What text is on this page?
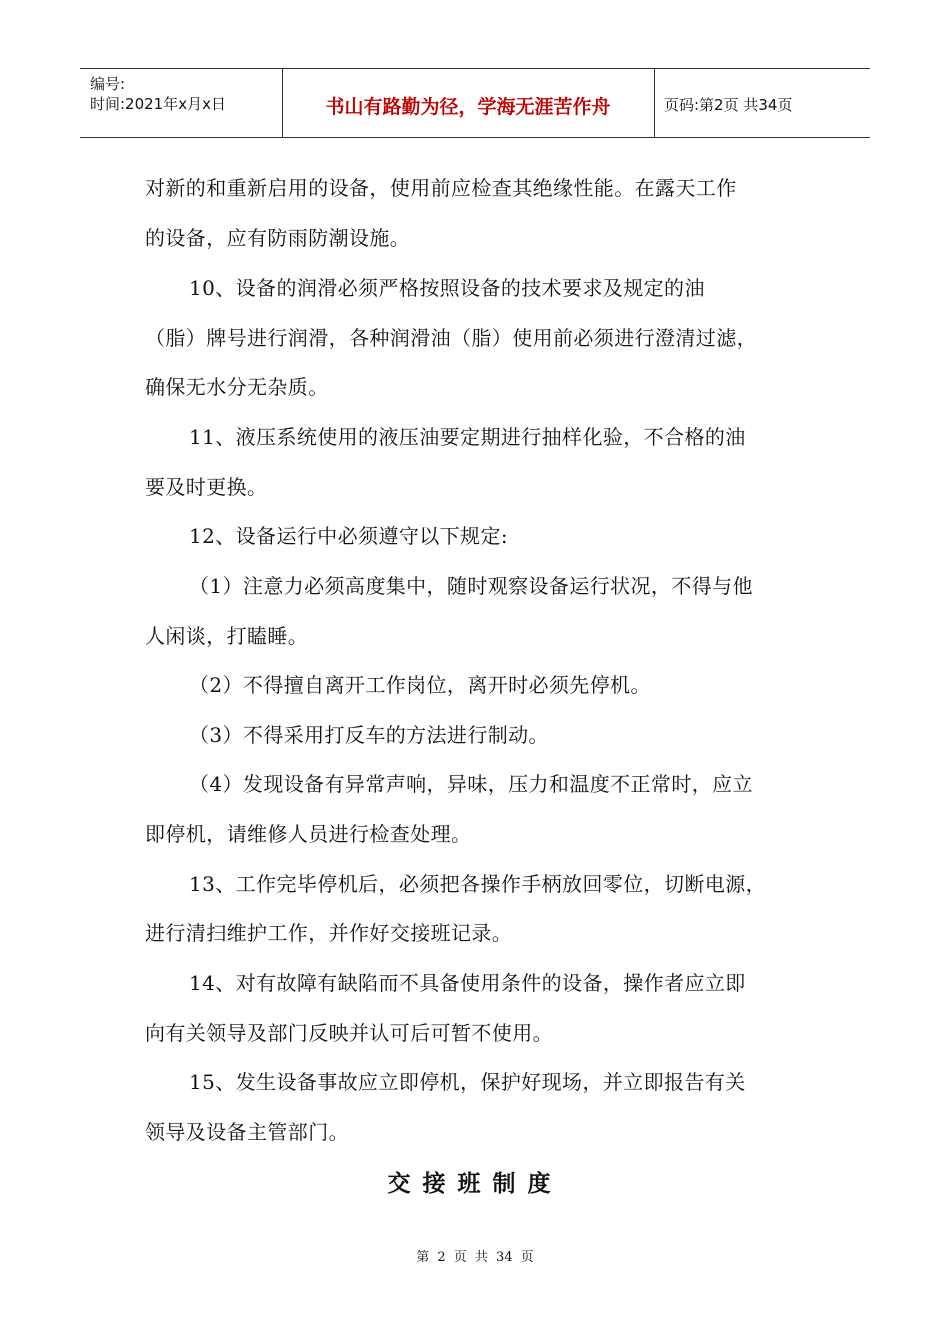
编号:
时间:2021年x月x日	书山有路勤为径，学海无涯苦作舟	页码:第2页 共34页
对新的和重新启用的设备，使用前应检查其绝缘性能。在露天工作
的设备，应有防雨防潮设施。
10、设备的润滑必须严格按照设备的技术要求及规定的油
（脂）牌号进行润滑，各种润滑油（脂）使用前必须进行澄清过滤，
确保无水分无杂质。
11、液压系统使用的液压油要定期进行抽样化验，不合格的油
要及时更换。
12、设备运行中必须遵守以下规定:
（1）注意力必须高度集中，随时观察设备运行状况，不得与他
人闲谈，打瞌睡。
（2）不得擅自离开工作岗位，离开时必须先停机。
（3）不得采用打反车的方法进行制动。
（4）发现设备有异常声响，异味，压力和温度不正常时，应立
即停机，请维修人员进行检查处理。
13、工作完毕停机后，必须把各操作手柄放回零位，切断电源，
进行清扫维护工作，并作好交接班记录。
14、对有故障有缺陷而不具备使用条件的设备，操作者应立即
向有关领导及部门反映并认可后可暂不使用。
15、发生设备事故应立即停机，保护好现场，并立即报告有关
领导及设备主管部门。
交接班制度
第 2 页 共 34 页
